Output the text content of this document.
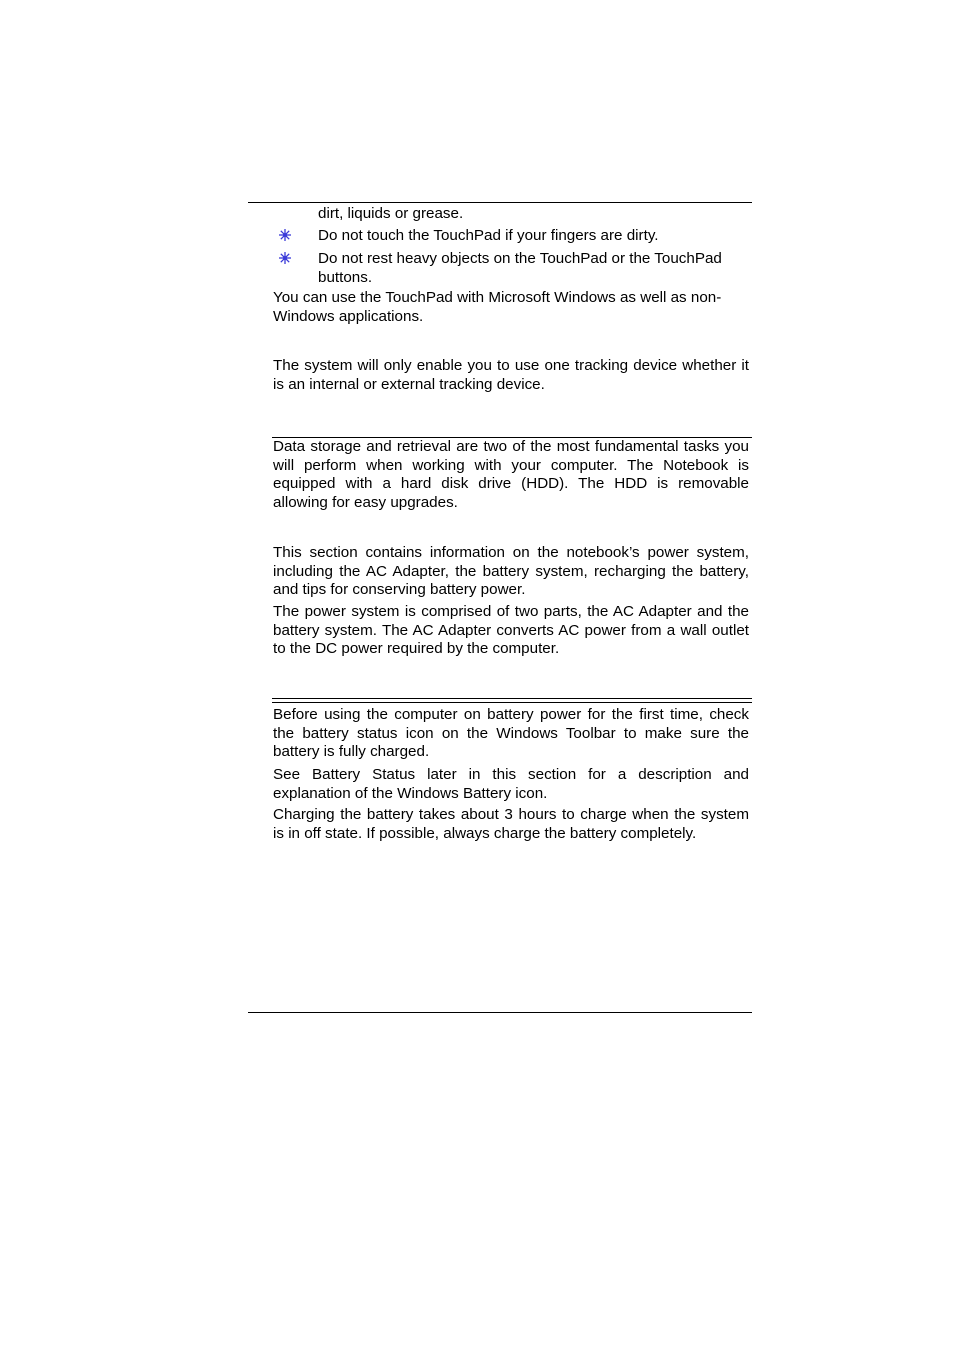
dirt, liquids or grease.

Do not touch the TouchPad if your fingers are dirty.

Do not rest heavy objects on the TouchPad or the TouchPad buttons.

You can use the TouchPad with Microsoft Windows as well as non-Windows applications.

The system will only enable you to use one tracking device whether it is an internal or external tracking device.

Data storage and retrieval are two of the most fundamental tasks you will perform when working with your computer. The Notebook is equipped with a hard disk drive (HDD). The HDD is removable allowing for easy upgrades.

This section contains information on the notebook’s power system, including the AC Adapter, the battery system, recharging the battery, and tips for conserving battery power.

The power system is comprised of two parts, the AC Adapter and the battery system. The AC Adapter converts AC power from a wall outlet to the DC power required by the computer.

Before using the computer on battery power for the first time, check the battery status icon on the Windows Toolbar to make sure the battery is fully charged.

See Battery Status later in this section for a description and explanation of the Windows Battery icon.

Charging the battery takes about 3 hours to charge when the system is in off state. If possible, always charge the battery completely.
